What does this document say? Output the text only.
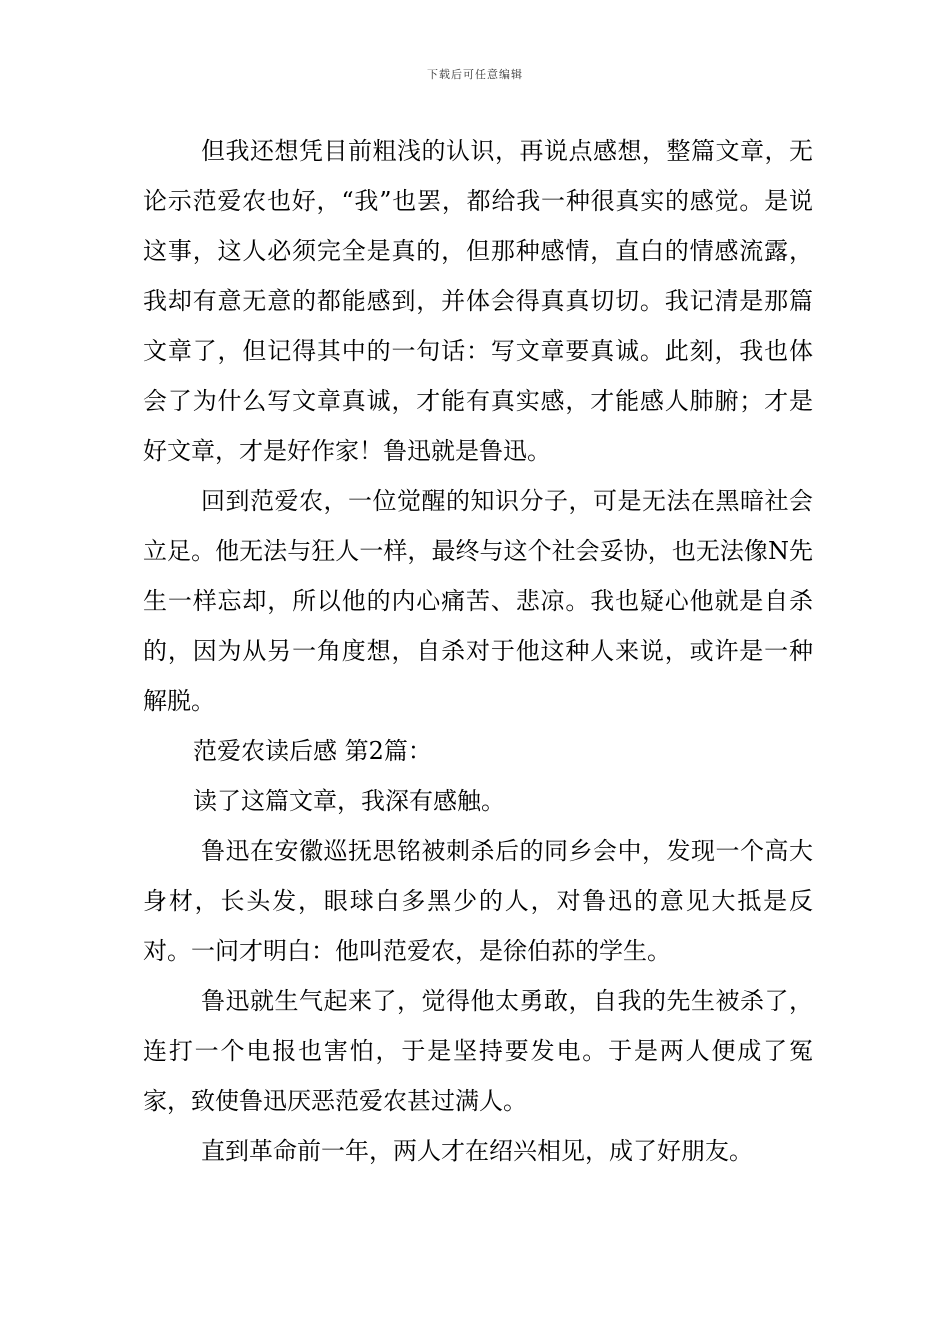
下载后可任意编辑

但我还想凭目前粗浅的认识，再说点感想，整篇文章，无论示范爱农也好，“我”也罢，都给我一种很真实的感觉。是说这事，这人必须完全是真的，但那种感情，直白的情感流露，我却有意无意的都能感到，并体会得真真切切。我记清是那篇文章了，但记得其中的一句话：写文章要真诚。此刻，我也体会了为什么写文章真诚，才能有真实感，才能感人肺腑；才是好文章，才是好作家！鲁迅就是鲁迅。

回到范爱农，一位觉醒的知识分子，可是无法在黑暗社会立足。他无法与狂人一样，最终与这个社会妥协，也无法像N先生一样忘却，所以他的内心痛苦、悲凉。我也疑心他就是自杀的，因为从另一角度想，自杀对于他这种人来说，或许是一种解脱。

范爱农读后感 第2篇：

读了这篇文章，我深有感触。

鲁迅在安徽巡抚思铭被刺杀后的同乡会中，发现一个高大身材，长头发，眼球白多黑少的人，对鲁迅的意见大抵是反对。一问才明白：他叫范爱农，是徐伯荪的学生。

鲁迅就生气起来了，觉得他太勇敢，自我的先生被杀了，连打一个电报也害怕，于是坚持要发电。于是两人便成了冤家，致使鲁迅厌恶范爱农甚过满人。

直到革命前一年，两人才在绍兴相见，成了好朋友。
